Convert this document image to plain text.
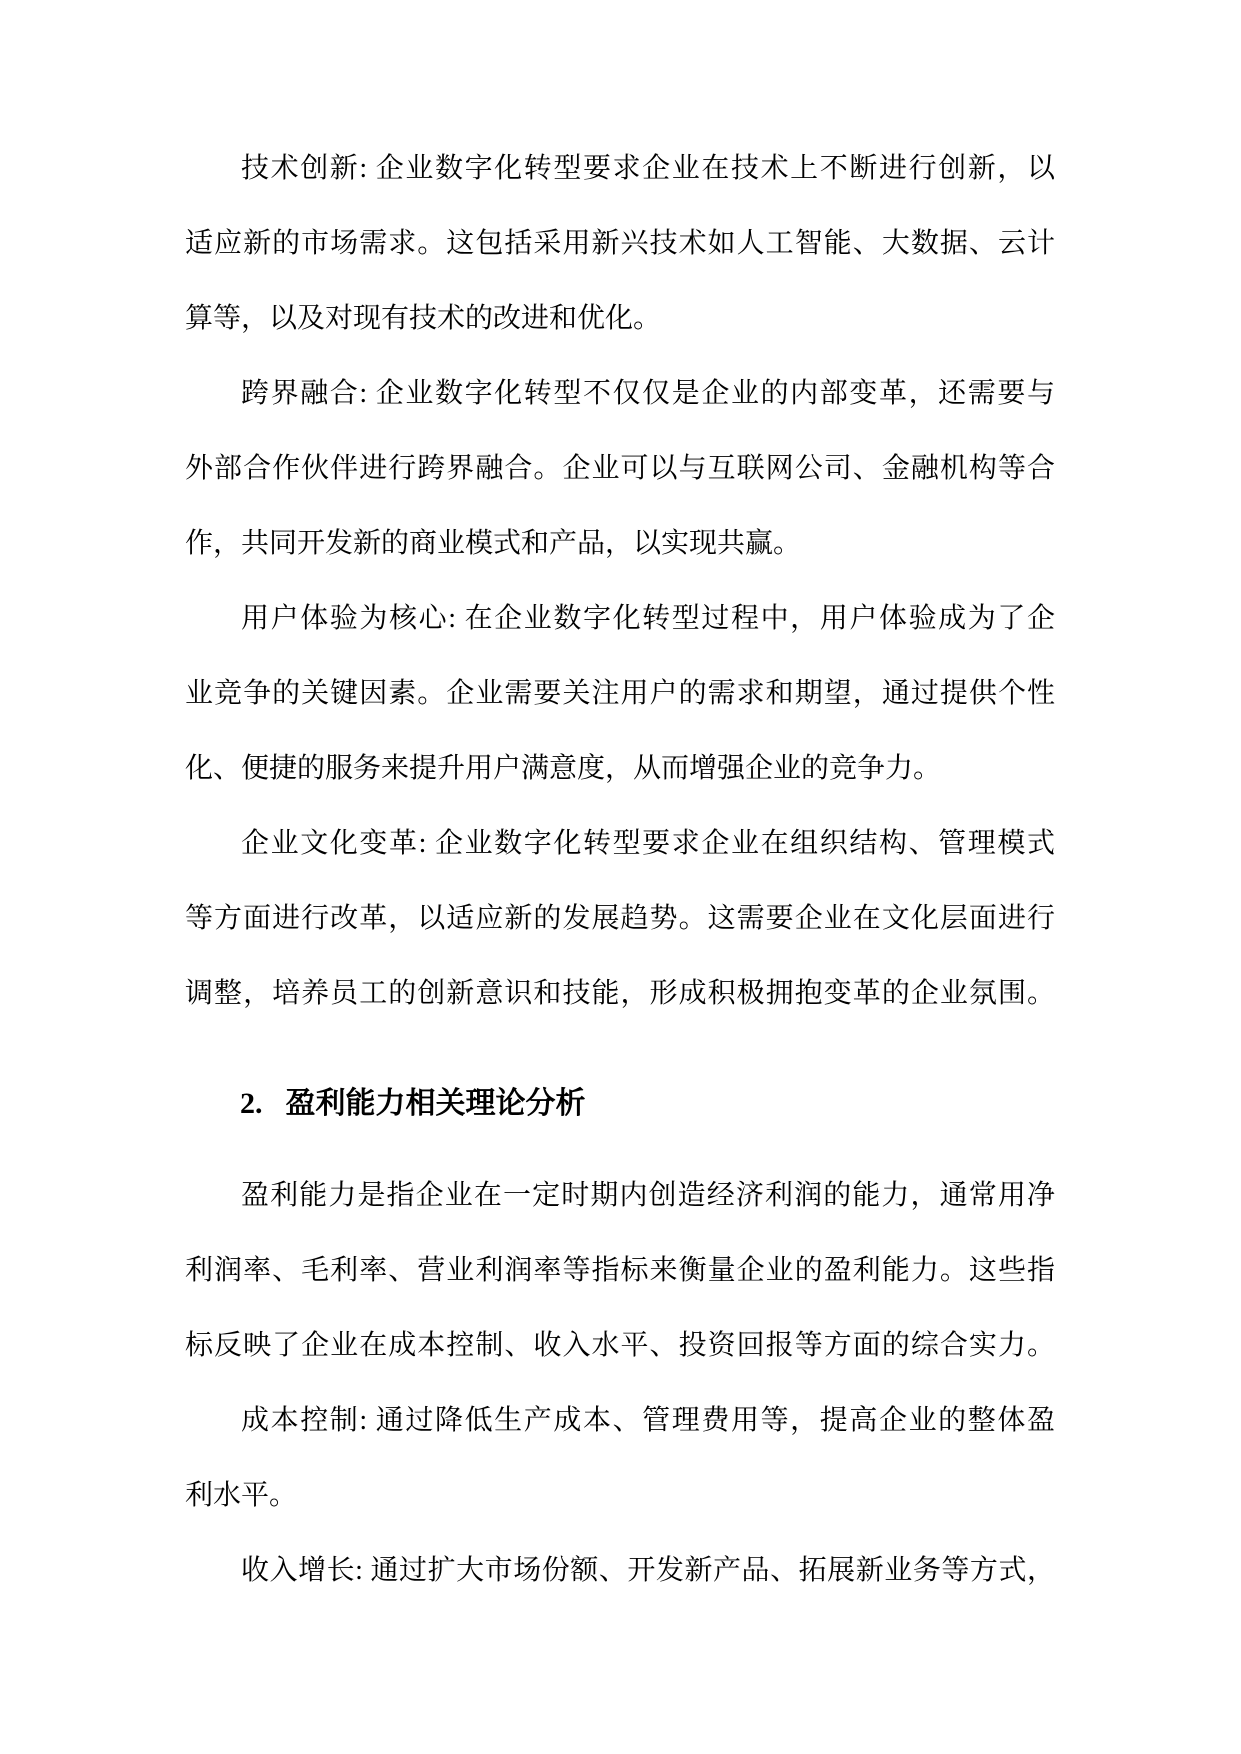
技术创新: 企业数字化转型要求企业在技术上不断进行创新，以
适应新的市场需求。这包括采用新兴技术如人工智能、大数据、云计
算等，以及对现有技术的改进和优化。
跨界融合: 企业数字化转型不仅仅是企业的内部变革，还需要与
外部合作伙伴进行跨界融合。企业可以与互联网公司、金融机构等合
作，共同开发新的商业模式和产品，以实现共赢。
用户体验为核心: 在企业数字化转型过程中，用户体验成为了企
业竞争的关键因素。企业需要关注用户的需求和期望，通过提供个性
化、便捷的服务来提升用户满意度，从而增强企业的竞争力。
企业文化变革: 企业数字化转型要求企业在组织结构、管理模式
等方面进行改革，以适应新的发展趋势。这需要企业在文化层面进行
调整，培养员工的创新意识和技能，形成积极拥抱变革的企业氛围。
2. 盈利能力相关理论分析
盈利能力是指企业在一定时期内创造经济利润的能力，通常用净
利润率、毛利率、营业利润率等指标来衡量企业的盈利能力。这些指
标反映了企业在成本控制、收入水平、投资回报等方面的综合实力。
成本控制: 通过降低生产成本、管理费用等，提高企业的整体盈
利水平。
收入增长: 通过扩大市场份额、开发新产品、拓展新业务等方式，
